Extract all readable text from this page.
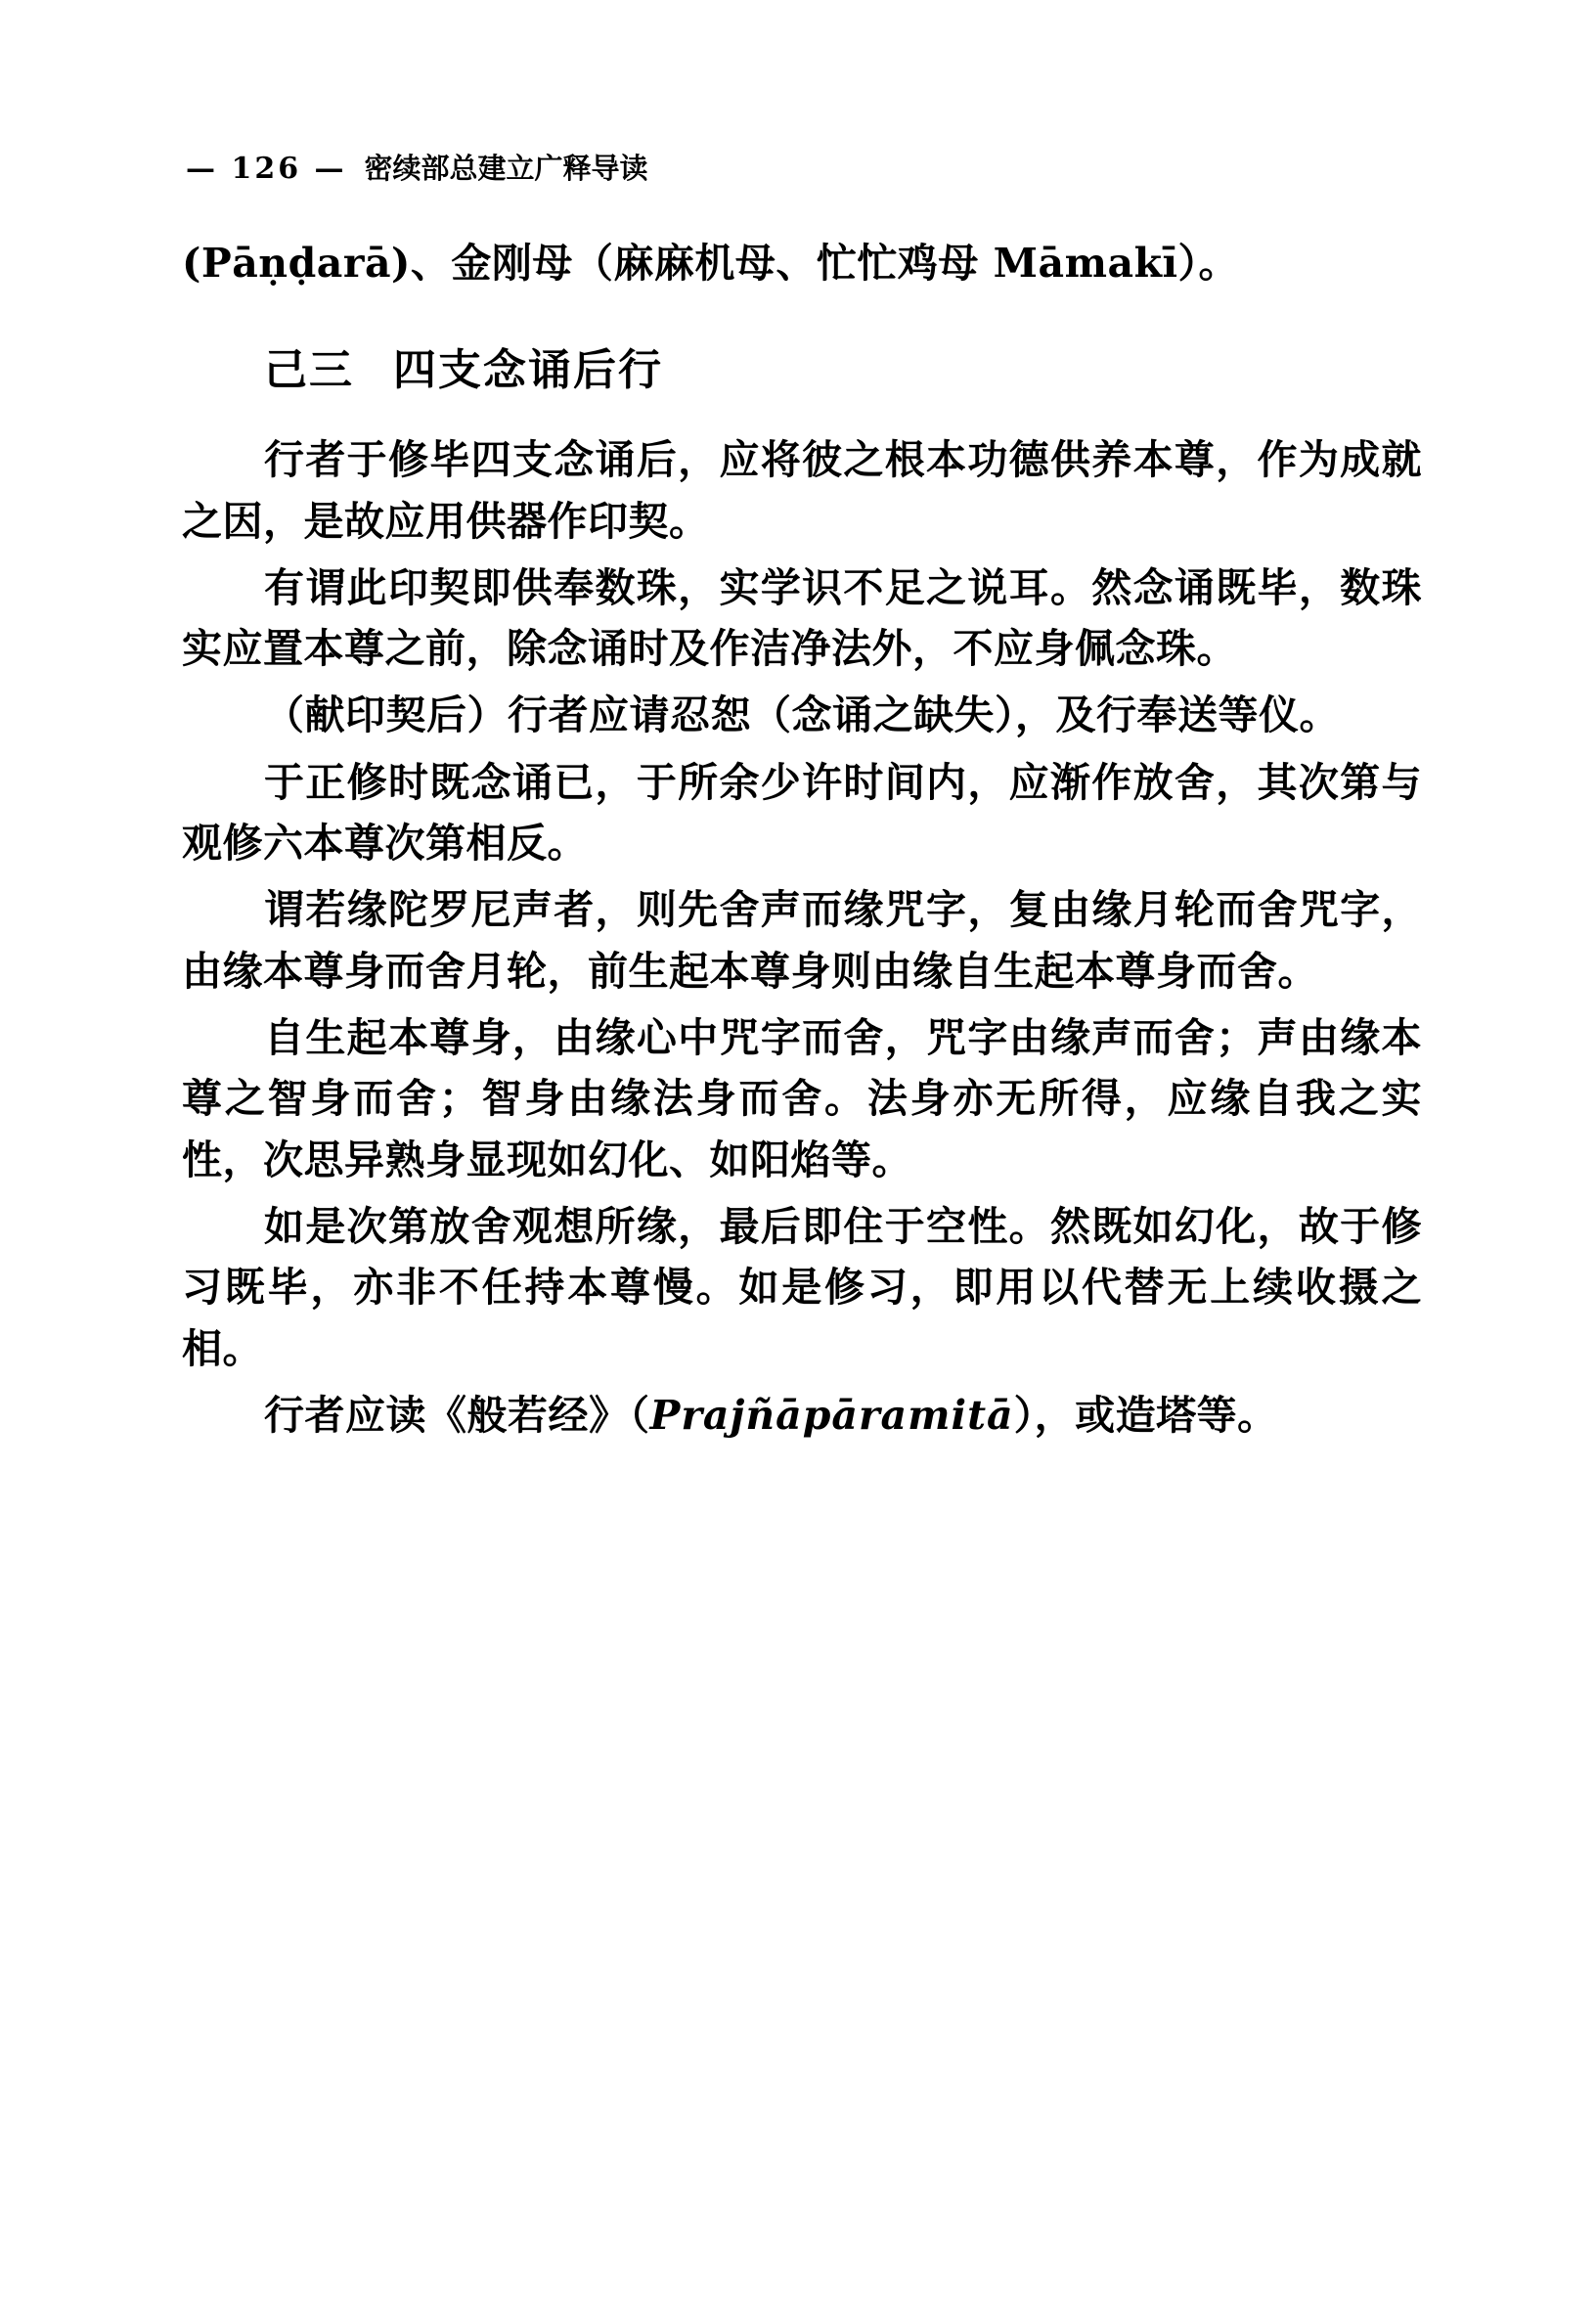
— 126 — 密续部总建立广释导读

(Pāṇḍarā)、金刚母（麻麻机母、忙忙鸡母 Māmakī）。

己三 四支念诵后行

行者于修毕四支念诵后，应将彼之根本功德供养本尊，作为成就之因，是故应用供器作印契。

有谓此印契即供奉数珠，实学识不足之说耳。然念诵既毕，数珠实应置本尊之前，除念诵时及作洁净法外，不应身佩念珠。

（献印契后）行者应请忍恕（念诵之缺失），及行奉送等仪。

于正修时既念诵已，于所余少许时间内，应渐作放舍，其次第与观修六本尊次第相反。

谓若缘陀罗尼声者，则先舍声而缘咒字，复由缘月轮而舍咒字，由缘本尊身而舍月轮，前生起本尊身则由缘自生起本尊身而舍。

自生起本尊身，由缘心中咒字而舍，咒字由缘声而舍；声由缘本尊之智身而舍；智身由缘法身而舍。法身亦无所得，应缘自我之实性，次思异熟身显现如幻化、如阳焰等。

如是次第放舍观想所缘，最后即住于空性。然既如幻化，故于修习既毕，亦非不任持本尊慢。如是修习，即用以代替无上续收摄之相。

行者应读《般若经》（Prajñāpāramitā），或造塔等。
